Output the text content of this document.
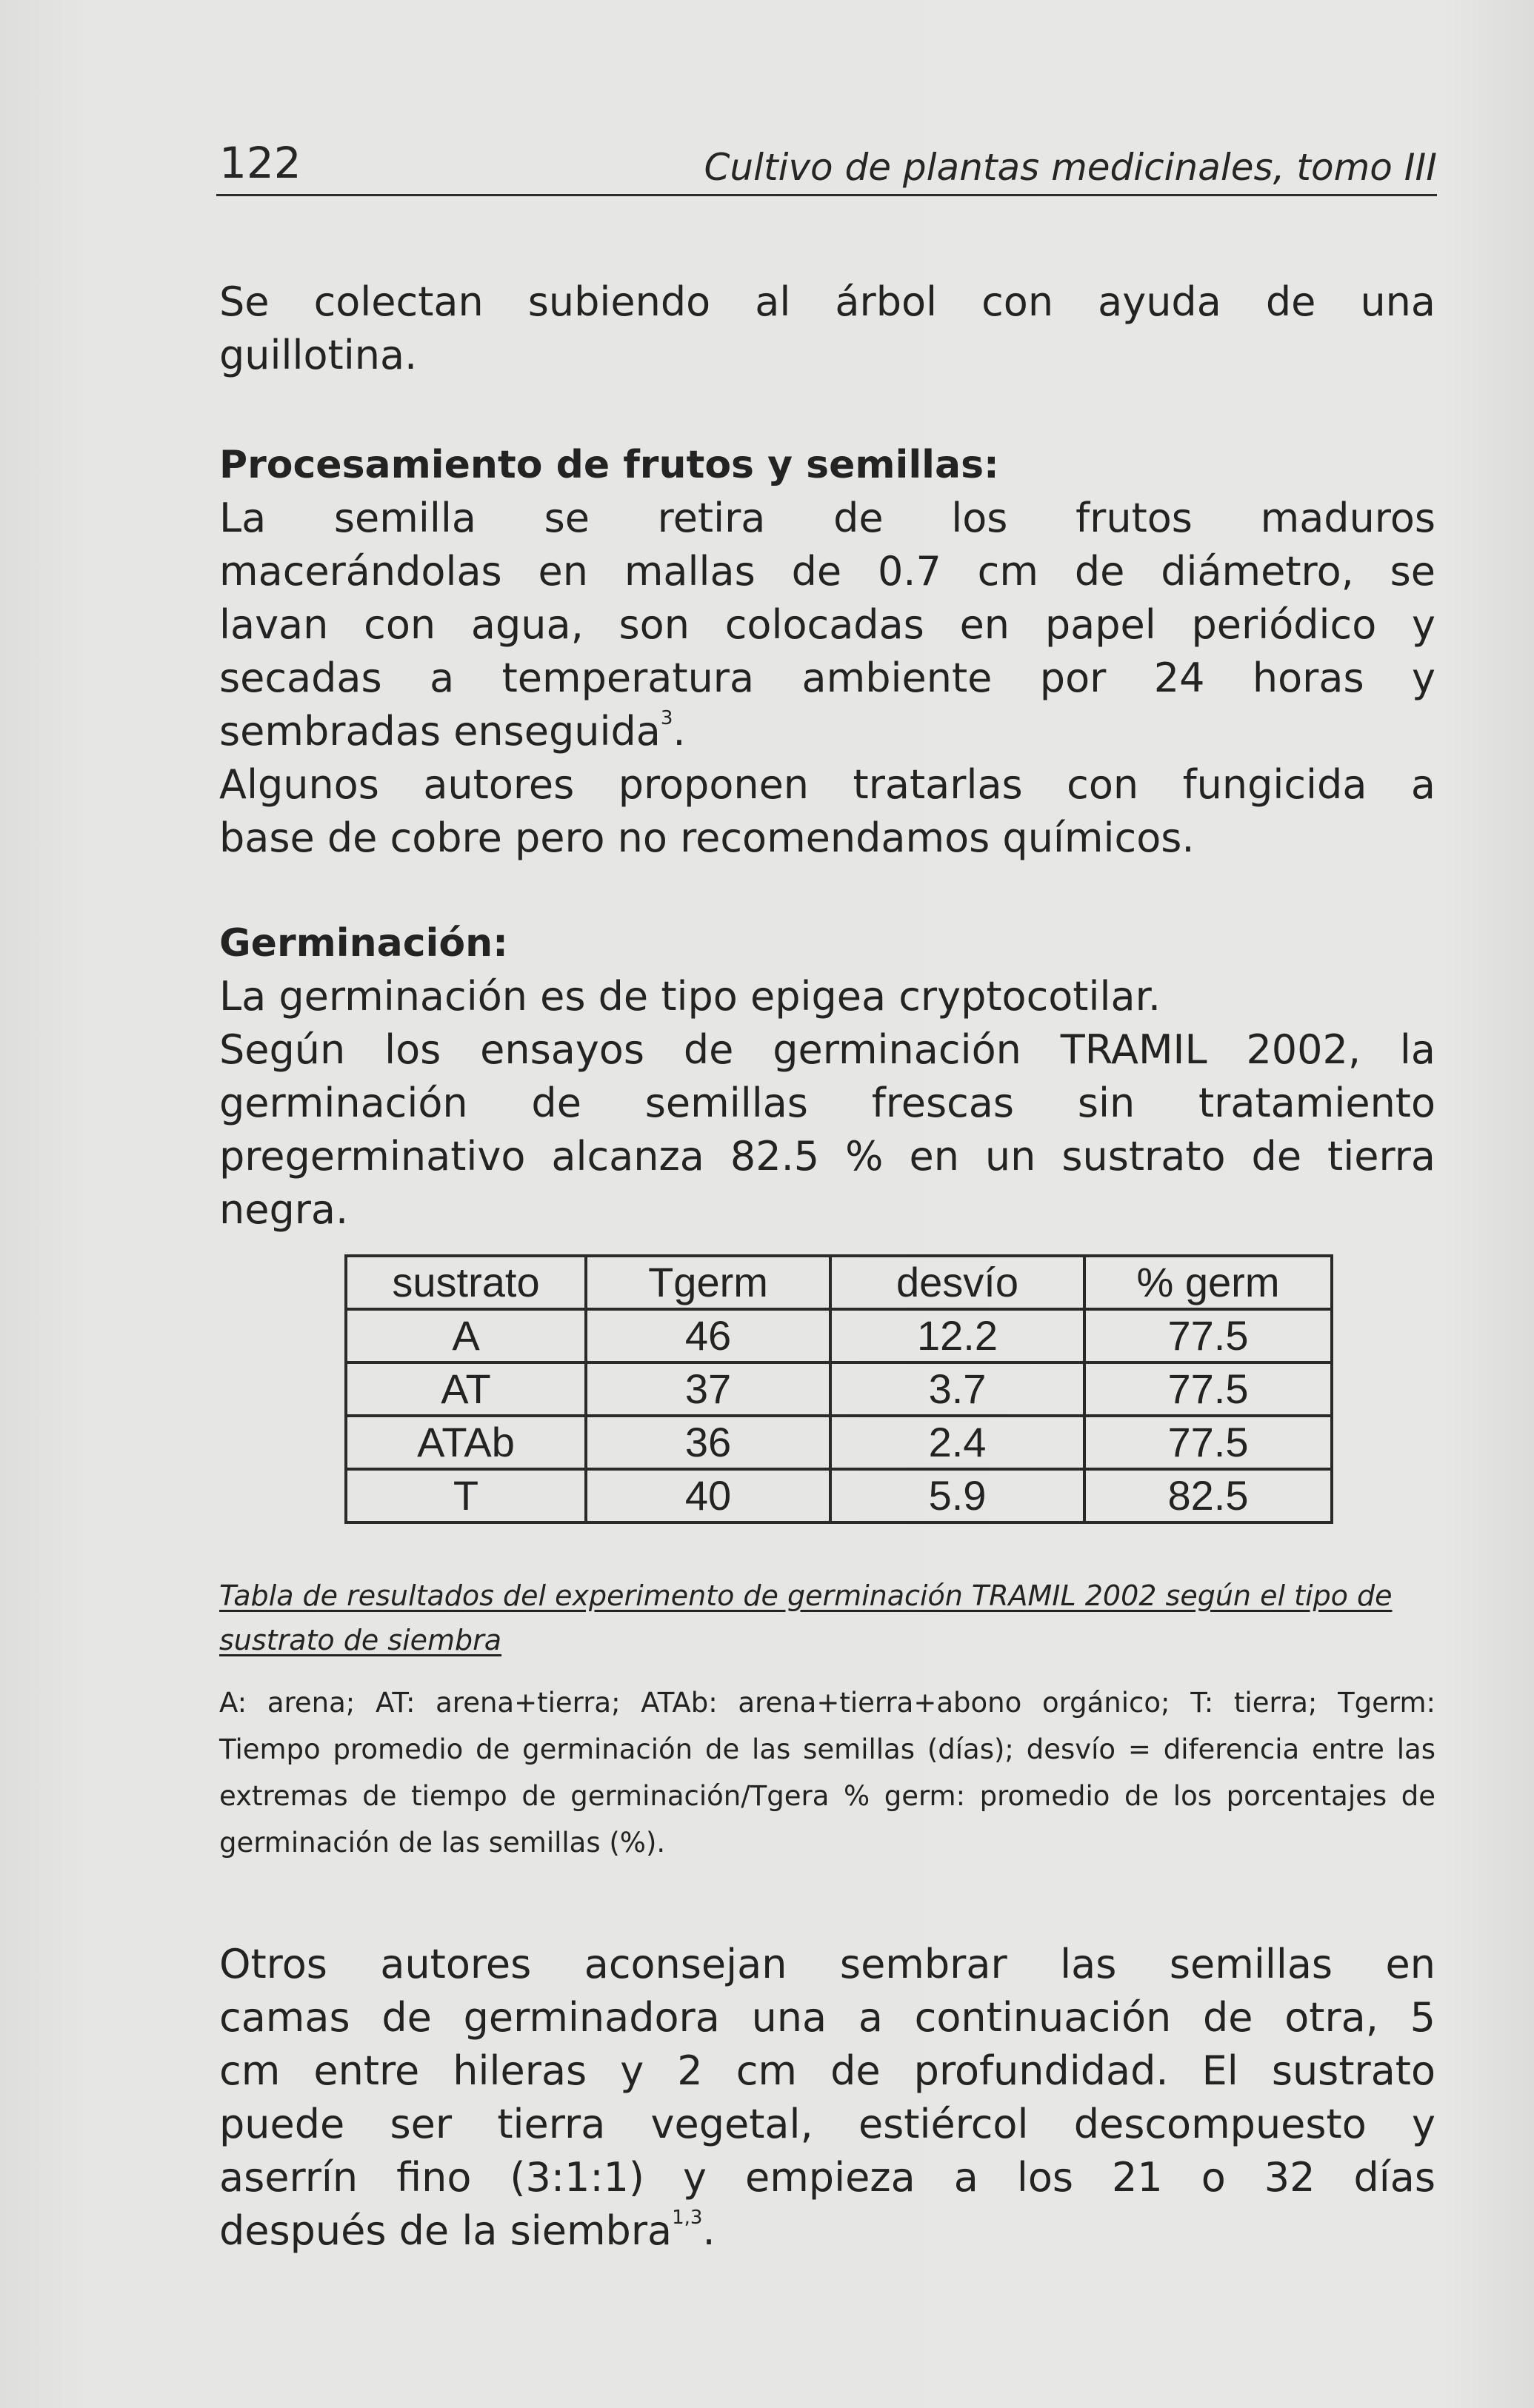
122	Cultivo de plantas medicinales, tomo III

Se colectan subiendo al árbol con ayuda de una

guillotina.

Procesamiento de frutos y semillas:

La semilla se retira de los frutos maduros

macerándolas en mallas de 0.7 cm de diámetro, se

lavan con agua, son colocadas en papel periódico y

secadas a temperatura ambiente por 24 horas y

sembradas enseguida$^3$.

Algunos autores proponen tratarlas con fungicida a

base de cobre pero no recomendamos químicos.

Germinación:

La germinación es de tipo epigea cryptocotilar.

Según los ensayos de germinación TRAMIL 2002, la

germinación de semillas frescas sin tratamiento

pregerminativo alcanza 82.5 % en un sustrato de tierra

negra.

sustrato	Tgerm	desvío	% germ
A	46	12.2	77.5
AT	37	3.7	77.5
ATAb	36	2.4	77.5
T	40	5.9	82.5
Tabla de resultados del experimento de germinación TRAMIL 2002 según el tipo de sustrato de siembra
A: arena; AT: arena+tierra; ATAb: arena+tierra+abono orgánico; T: tierra; Tgerm: Tiempo promedio de germinación de las semillas (días); desvío = diferencia entre las extremas de tiempo de germinación/Tgera % germ: promedio de los porcentajes de germinación de las semillas (%).

Otros autores aconsejan sembrar las semillas en

camas de germinadora una a continuación de otra, 5

cm entre hileras y 2 cm de profundidad. El sustrato

puede ser tierra vegetal, estiércol descompuesto y

aserrín fino (3:1:1) y empieza a los 21 o 32 días

después de la siembra$^{1,3}$.
